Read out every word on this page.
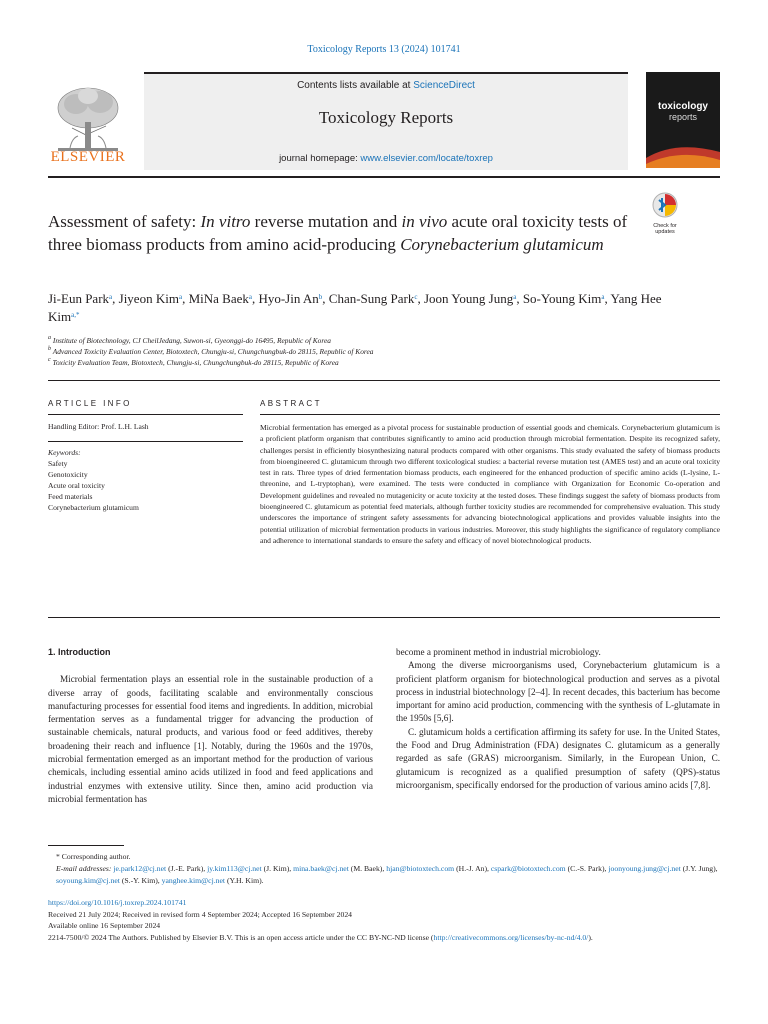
Toxicology Reports 13 (2024) 101741
ELSEVIER
Contents lists available at ScienceDirect
Toxicology Reports
journal homepage: www.elsevier.com/locate/toxrep
toxicology
reports
Assessment of safety: In vitro reverse mutation and in vivo acute oral toxicity tests of three biomass products from amino acid-producing Corynebacterium glutamicum
Check for updates
Ji-Eun Park$^a$, Jiyeon Kim$^a$, MiNa Baek$^a$, Hyo-Jin An$^b$, Chan-Sung Park$^c$, Joon Young Jung$^a$, So-Young Kim$^a$, Yang Hee Kim$^{a,*}$
$^a$ Institute of Biotechnology, CJ CheilJedang, Suwon-si, Gyeonggi-do 16495, Republic of Korea
$^b$ Advanced Toxicity Evaluation Center, Biotoxtech, Chungju-si, Chungchungbuk-do 28115, Republic of Korea
$^c$ Toxicity Evaluation Team, Biotoxtech, Chungju-si, Chungchungbuk-do 28115, Republic of Korea
ARTICLE INFO	ABSTRACT
Handling Editor: Prof. L.H. Lash
Keywords:
Safety
Genotoxicity
Acute oral toxicity
Feed materials
Corynebacterium glutamicum
Microbial fermentation has emerged as a pivotal process for sustainable production of essential goods and chemicals. Corynebacterium glutamicum is a proficient platform organism that contributes significantly to amino acid production through microbial fermentation. Despite its recognized safety, challenges persist in efficiently biosynthesizing natural products compared with other organisms. This study evaluated the safety of biomass products from bioengineered C. glutamicum through two different toxicological studies: a bacterial reverse mutation test (AMES test) and an acute oral toxicity test in rats. Three types of dried fermentation biomass products, each engineered for the enhanced production of specific amino acids (L-lysine, L-threonine, and L-tryptophan), were examined. The tests were conducted in compliance with Organization for Economic Co-operation and Development guidelines and revealed no mutagenicity or acute toxicity at the tested doses. These findings suggest the safety of biomass products from bioengineered C. glutamicum as potential feed materials, although further toxicity studies are recommended for comprehensive evaluation. This study underscores the importance of stringent safety assessments for advancing biotechnological applications and provides valuable insights into the potential utilization of microbial fermentation products in various industries. Moreover, this study highlights the significance of regulatory compliance and adherence to international standards to ensure the safety and efficacy of novel biotechnological products.

1. Introduction

Microbial fermentation plays an essential role in the sustainable production of a diverse array of goods, facilitating scalable and environmentally conscious manufacturing processes for essential food items and ingredients. In addition, microbial fermentation serves as a fundamental trigger for advancing the production of sustainable chemicals, natural products, and various food or feed additives, thereby broadening their reach and influence [1]. Notably, during the 1960s and the 1970s, microbial fermentation emerged as an important method for the production of various chemicals, including essential amino acids utilized in food and feed applications and industrial enzymes with extensive utility. Since then, amino acid production via microbial fermentation has

become a prominent method in industrial microbiology.

Among the diverse microorganisms used, Corynebacterium glutamicum is a proficient platform organism for biotechnological production and serves as a pivotal process in industrial biotechnology [2–4]. In recent decades, this bacterium has become important for amino acid production, commencing with the synthesis of L-glutamate in the 1950s [5,6].

C. glutamicum holds a certification affirming its safety for use. In the United States, the Food and Drug Administration (FDA) designates C. glutamicum as a generally regarded as safe (GRAS) microorganism. Similarly, in the European Union, C. glutamicum is recognized as a qualified presumption of safety (QPS)-status microorganism, specifically endorsed for the production of various amino acids [7,8].

* Corresponding author.
E-mail addresses: je.park12@cj.net (J.-E. Park), jy.kim113@cj.net (J. Kim), mina.baek@cj.net (M. Baek), hjan@biotoxtech.com (H.-J. An), cspark@biotoxtech.com (C.-S. Park), joonyoung.jung@cj.net (J.Y. Jung), soyoung.kim@cj.net (S.-Y. Kim), yanghee.kim@cj.net (Y.H. Kim).
https://doi.org/10.1016/j.toxrep.2024.101741
Received 21 July 2024; Received in revised form 4 September 2024; Accepted 16 September 2024
Available online 16 September 2024
2214-7500/© 2024 The Authors. Published by Elsevier B.V. This is an open access article under the CC BY-NC-ND license (http://creativecommons.org/licenses/by-nc-nd/4.0/).
